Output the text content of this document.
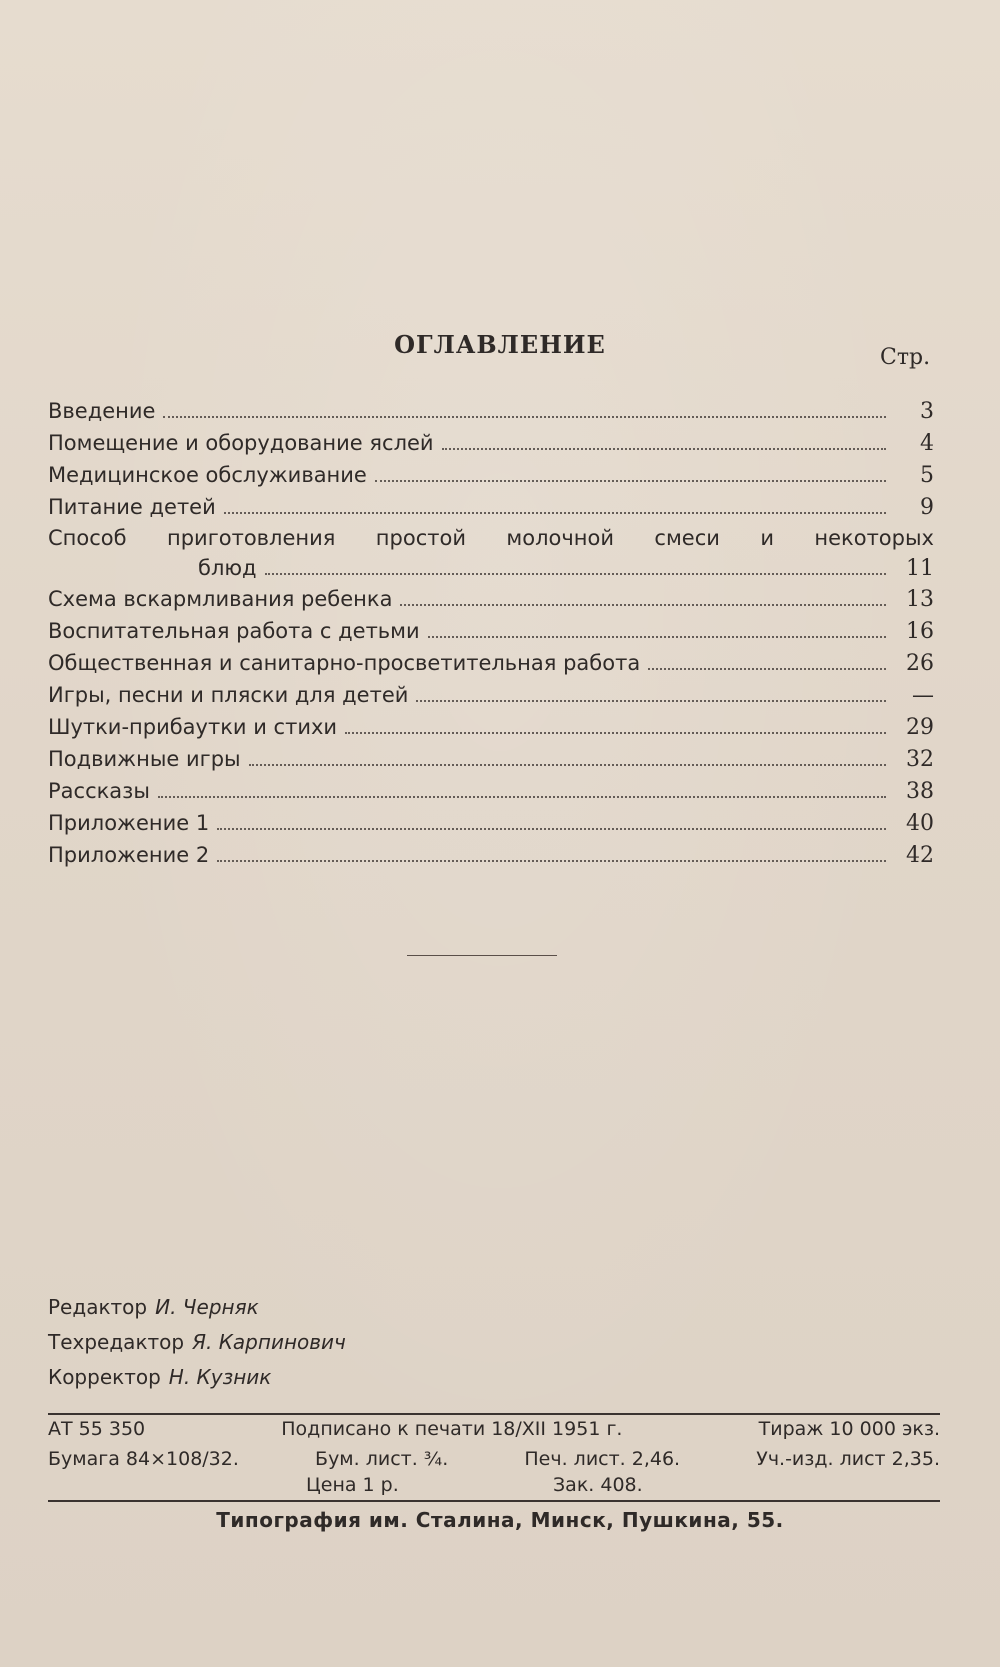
ОГЛАВЛЕНИЕ	Стр.
Введение	3
Помещение и оборудование яслей	4
Медицинское обслуживание	5
Питание детей	9
Способ приготовления простой молочной смеси и некоторых
блюд	11
Схема вскармливания ребенка	13
Воспитательная работа с детьми	16
Общественная и санитарно-просветительная работа	26
Игры, песни и пляски для детей	—
Шутки-прибаутки и стихи	29
Подвижные игры	32
Рассказы	38
Приложение 1	40
Приложение 2	42
Редактор И. Черняк
Техредактор Я. Карпинович
Корректор Н. Кузник
АТ 55 350	Подписано к печати 18/XII 1951 г.	Тираж 10 000 экз.
Бумага 84×108/32.	Бум. лист. ¾.	Печ. лист. 2,46.	Уч.-изд. лист 2,35.
Цена 1 р.	Зак. 408.
Типография им. Сталина, Минск, Пушкина, 55.
